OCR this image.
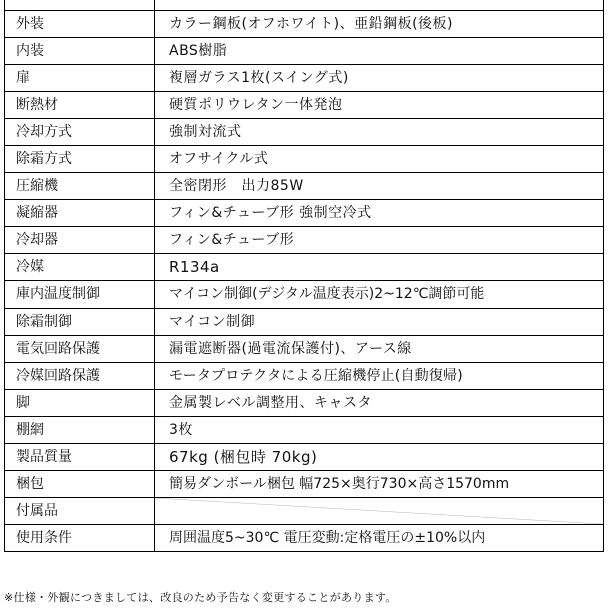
外装	カラー鋼板(オフホワイト)、亜鉛鋼板(後板)
内装	ABS樹脂
扉	複層ガラス1枚(スイング式)
断熱材	硬質ポリウレタン一体発泡
冷却方式	強制対流式
除霜方式	オフサイクル式
圧縮機	全密閉形　出力85W
凝縮器	フィン&チューブ形 強制空冷式
冷却器	フィン&チューブ形
冷媒	R134a
庫内温度制御	マイコン制御(デジタル温度表示)2~12℃調節可能
除霜制御	マイコン制御
電気回路保護	漏電遮断器(過電流保護付)、アース線
冷媒回路保護	モータプロテクタによる圧縮機停止(自動復帰)
脚	金属製レベル調整用、キャスタ
棚網	3枚
製品質量	67kg (梱包時 70kg)
梱包	簡易ダンボール梱包 幅725×奥行730×高さ1570mm
付属品	

使用条件	周囲温度5~30℃ 電圧変動:定格電圧の±10%以内
※仕様・外観につきましては、改良のため予告なく変更することがあります。
